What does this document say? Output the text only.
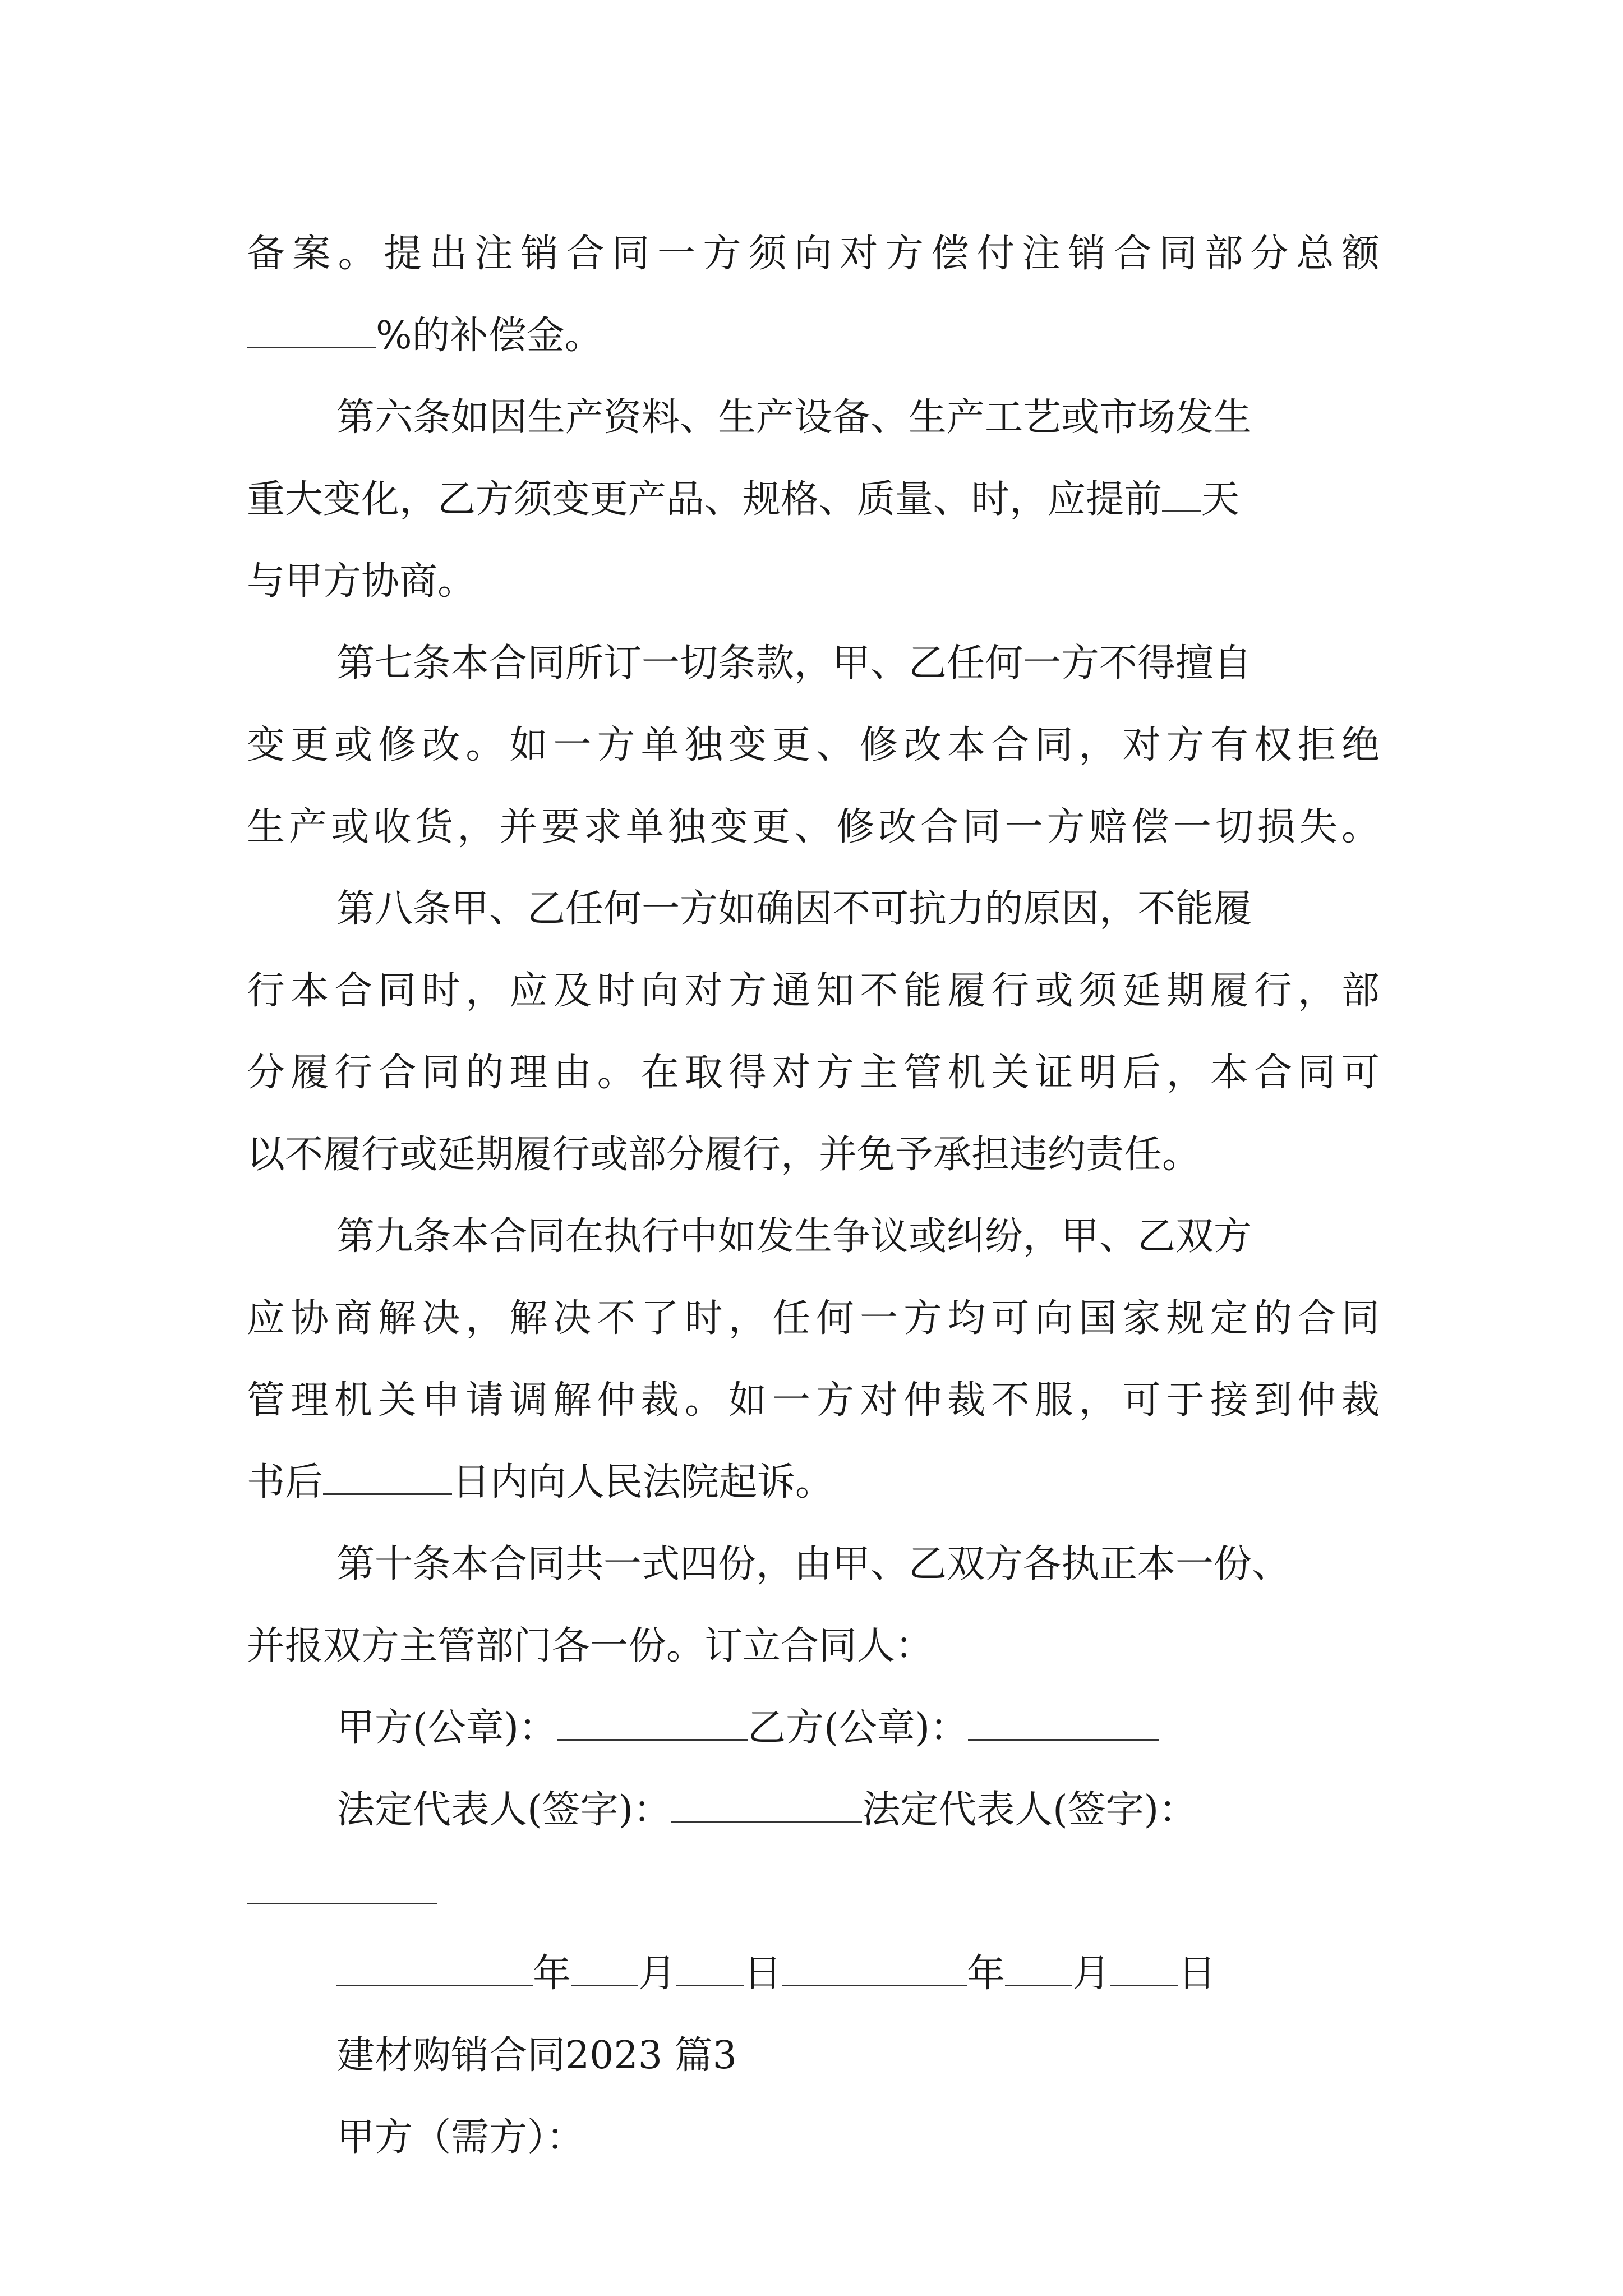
备案。提出注销合同一方须向对方偿付注销合同部分总额
%的补偿金。
第六条如因生产资料、生产设备、生产工艺或市场发生
重大变化，乙方须变更产品、规格、质量、时，应提前 天
与甲方协商。
第七条本合同所订一切条款，甲、乙任何一方不得擅自
变更或修改。如一方单独变更、修改本合同，对方有权拒绝
生产或收货，并要求单独变更、修改合同一方赔偿一切损失。
第八条甲、乙任何一方如确因不可抗力的原因，不能履
行本合同时，应及时向对方通知不能履行或须延期履行，部
分履行合同的理由。在取得对方主管机关证明后，本合同可
以不履行或延期履行或部分履行，并免予承担违约责任。
第九条本合同在执行中如发生争议或纠纷，甲、乙双方
应协商解决，解决不了时，任何一方均可向国家规定的合同
管理机关申请调解仲裁。如一方对仲裁不服，可于接到仲裁
书后	日内向人民法院起诉。
第十条本合同共一式四份，由甲、乙双方各执正本一份、
并报双方主管部门各一份。订立合同人：
甲方(公章)：	乙方(公章)：
法定代表人(签字)：	法定代表人(签字)：
年 月 日	年 月 日
建材购销合同2023 篇3
甲方（需方）：
